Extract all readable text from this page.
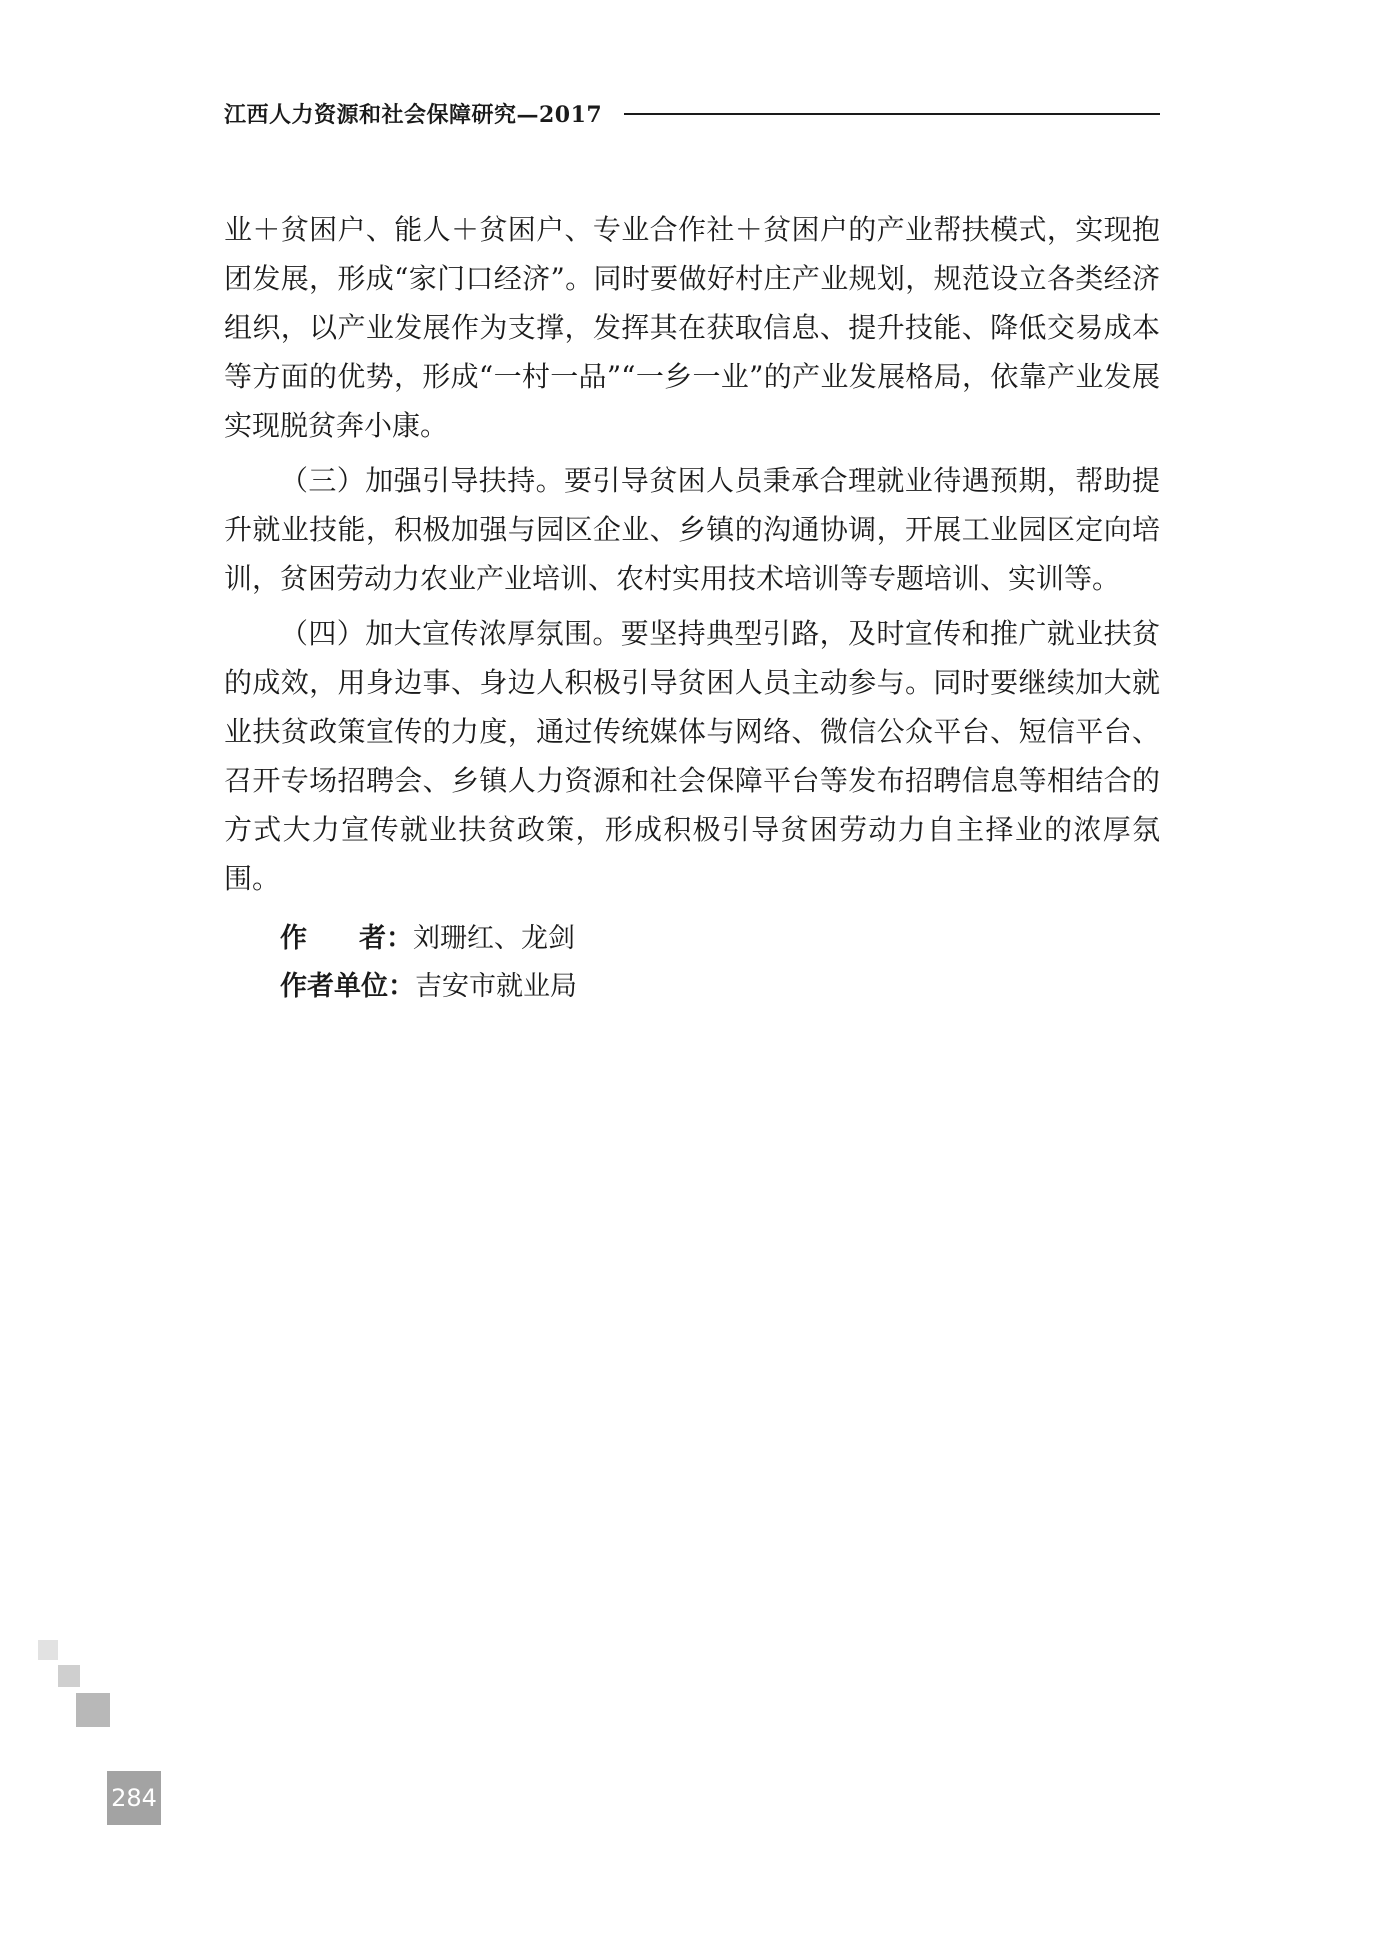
江西人力资源和社会保障研究—2017

业＋贫困户、能人＋贫困户、专业合作社＋贫困户的产业帮扶模式，实现抱团发展，形成“家门口经济”。同时要做好村庄产业规划，规范设立各类经济组织，以产业发展作为支撑，发挥其在获取信息、提升技能、降低交易成本等方面的优势，形成“一村一品”“一乡一业”的产业发展格局，依靠产业发展实现脱贫奔小康。

（三）加强引导扶持。要引导贫困人员秉承合理就业待遇预期，帮助提升就业技能，积极加强与园区企业、乡镇的沟通协调，开展工业园区定向培训，贫困劳动力农业产业培训、农村实用技术培训等专题培训、实训等。

（四）加大宣传浓厚氛围。要坚持典型引路，及时宣传和推广就业扶贫的成效，用身边事、身边人积极引导贫困人员主动参与。同时要继续加大就业扶贫政策宣传的力度，通过传统媒体与网络、微信公众平台、短信平台、召开专场招聘会、乡镇人力资源和社会保障平台等发布招聘信息等相结合的方式大力宣传就业扶贫政策，形成积极引导贫困劳动力自主择业的浓厚氛围。

作 者：刘珊红、龙剑
作者单位：吉安市就业局
284
